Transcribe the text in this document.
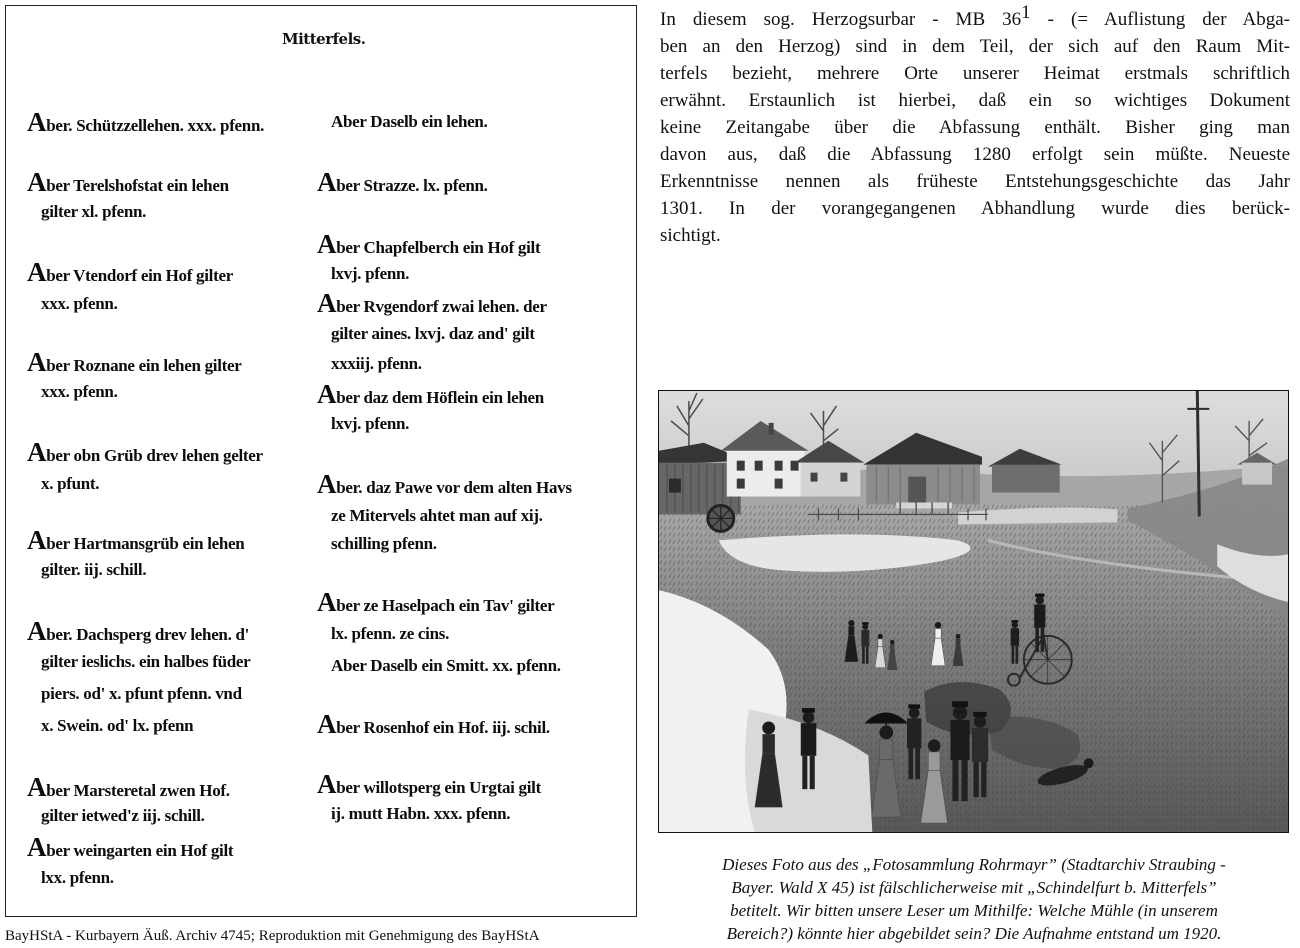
Mitterfels.
Aber. Schützzellehen. xxx. pfenn.
Aber Terelshofstat ein lehen
gilter xl. pfenn.
Aber Vtendorf ein Hof gilter
xxx. pfenn.
Aber Roznane ein lehen gilter
xxx. pfenn.
Aber obn Grüb drev lehen gelter
x. pfunt.
Aber Hartmansgrüb ein lehen
gilter. iij. schill.
Aber. Dachsperg drev lehen. d'
gilter ieslichs. ein halbes füder
piers. od' x. pfunt pfenn. vnd
x. Swein. od' lx. pfenn
Aber Marsteretal zwen Hof.
gilter ietwed'z iij. schill.
Aber weingarten ein Hof gilt
lxx. pfenn.
Aber Daselb ein lehen.
Aber Strazze. lx. pfenn.
Aber Chapfelberch ein Hof gilt
lxvj. pfenn.
Aber Rvgendorf zwai lehen. der
gilter aines. lxvj. daz and' gilt
xxxiij. pfenn.
Aber daz dem Höflein ein lehen
lxvj. pfenn.
Aber. daz Pawe vor dem alten Havs
ze Mitervels ahtet man auf xij.
schilling pfenn.
Aber ze Haselpach ein Tav' gilter
lx. pfenn. ze cins.
Aber Daselb ein Smitt. xx. pfenn.
Aber Rosenhof ein Hof. iij. schil.
Aber willotsperg ein Urgtai gilt
ij. mutt Habn. xxx. pfenn.
In diesem sog. Herzogsurbar - MB $36^1$ - (= Auflistung der Abga-
ben an den Herzog) sind in dem Teil, der sich auf den Raum Mit-
terfels bezieht, mehrere Orte unserer Heimat erstmals schriftlich
erwähnt. Erstaunlich ist hierbei, daß ein so wichtiges Dokument
keine Zeitangabe über die Abfassung enthält. Bisher ging man
davon aus, daß die Abfassung 1280 erfolgt sein müßte. Neueste
Erkenntnisse nennen als früheste Entstehungsgeschichte das Jahr
1301. In der vorangegangenen Abhandlung wurde dies berück-
sichtigt.
Dieses Foto aus des „Fotosammlung Rohrmayr” (Stadtarchiv Straubing -
Bayer. Wald X 45) ist fälschlicherweise mit „Schindelfurt b. Mitterfels”
betitelt. Wir bitten unsere Leser um Mithilfe: Welche Mühle (in unserem
Bereich?) könnte hier abgebildet sein? Die Aufnahme entstand um 1920.
BayHStA - Kurbayern Äuß. Archiv 4745; Reproduktion mit Genehmigung des BayHStA
